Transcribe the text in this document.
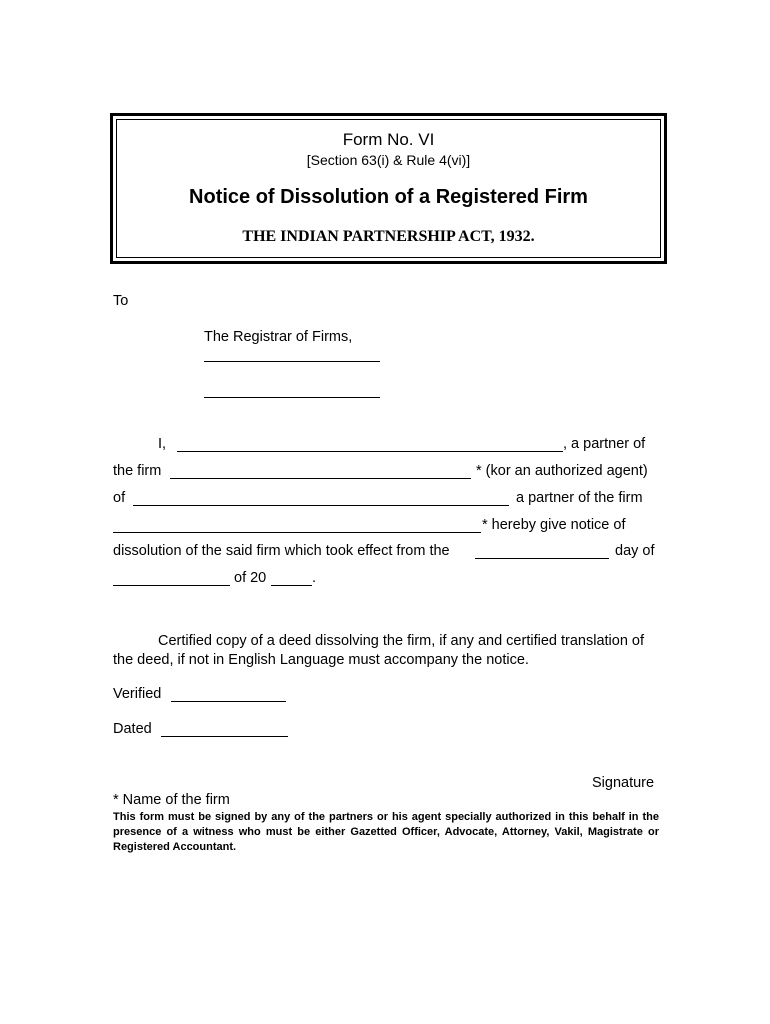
Form No. VI
[Section 63(i) & Rule 4(vi)]
Notice of Dissolution of a Registered Firm
THE INDIAN PARTNERSHIP ACT, 1932.
To
The Registrar of Firms,
I,	, a partner of
the firm	* (kor an authorized agent)
of	a partner of the firm
* hereby give notice of
dissolution of the said firm which took effect from the	day of
of 20	.
Certified copy of a deed dissolving the firm, if any and certified translation of the deed, if not in English Language must accompany the notice.
Verified
Dated
Signature
* Name of the firm
This form must be signed by any of the partners or his agent specially authorized in this behalf in the presence of a witness who must be either Gazetted Officer, Advocate, Attorney, Vakil, Magistrate or Registered Accountant.
